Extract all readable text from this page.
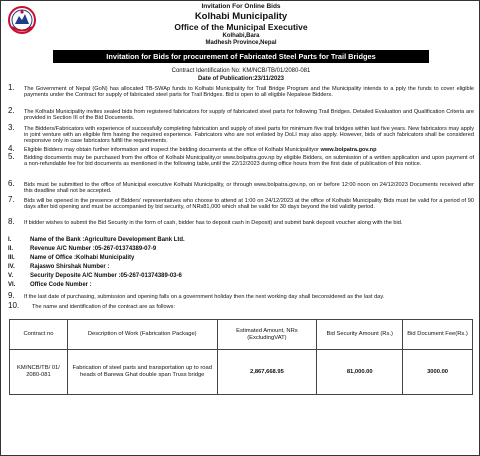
Invitation For Online Bids
Kolhabi Municipality
Office of the Municipal Executive
Kolhabi,Bara
Madhesh Province,Nepal
Invitation for Bids for procurement of Fabricated Steel Parts for Trail Bridges
Contract Identification No: KM/NCB/TB/01/2080-081
Date of Publication:23/11/2023
1. The Government of Nepal (GoN) has allocated TB-SWAp funds to Kolhabi Municipality for Trail Bridge Program and the Municipality intends to a pply the funds to cover eligible payments under the Contract for supply of fabricated steel parts for Trail Bridges. Bid is open to all eligible Nepalese Bidders.
2. The Kolhabi Municipality invites sealed bids from registered fabricators for supply of fabricated steel parts for following Trail Bridges. Detailed Evaluation and Qualification Criteria are provided in Section III of the Bid Documents.
3. The Bidders/Fabricators with experience of successfully completing fabrication and supply of steel parts for minimum five trail bridges within last five years. New fabricators may apply in joint venture with an eligible firm having the required experience. Fabricators who are not enlisted by DoLI may also apply. However, bids of such fabricators shall be considered responsive only in case fabricators fulfill the requirements.
4. Eligible Bidders may obtain further information and inspect the bidding documents at the office of Kolhabi Municipalityor www.bolpatra.gov.np
5. Bidding documents may be purchased from the office of Kolhabi Municipality,or www.bolpatra.gov.np by eligible Bidders, on submission of a written application and upon payment of a non-refundable fee for bid documents as mentioned in the following table,until the 22/12/2023 during office hours from the first date of publication of this notice.
6. Bids must be submitted to the office of Municipal executive Kolhabi Municipality, or through www.bolpatra.gov.np, on or before 12:00 noon on 24/12/2023 Documents received after this deadline shall not be accepted.
7. Bids will be opened in the presence of Bidders' representatives who choose to attend at 1:00 on 24/12/2023 at the office of Kolhabi Municipality Bids must be valid for a period of 90 days after bid opening and must be accompanied by bid security, of NRs81,000 which shall be valid for 30 days beyond the bid validity period.
8. If bidder wishes to submit the Bid Security in the form of cash, bidder has to deposit cash in Deposit) and submit bank deposit voucher along with the bid.
I.	Name of the Bank :Agriculture Development Bank Ltd.
II.	Revenue A/C Number :05-267-01374389-07-9
III.	Name of Office :Kolhabi Municipality
IV.	Rajaswo Shirshak Number :
V.	Security Deposite A/C Number :05-267-01374389-03-6
VI.	Office Code Number :
9. If the last date of purchasing, submission and opening falls on a government holiday then the next working day shall beconsidered as the last day.
10. The name and identification of the contract are as follows:
Contract no	Description of Work (Fabrication Package)	Estimated Amount, NRs (ExcludingVAT)	Bid Security Amount (Rs.)	Bid Document Fee(Rs.)
KM/NCB/TB/ 01/ 2080-081	Fabrication of steel parts and transportation up to road heads of Barewa Ghat double span Truss bridge	2,867,668.95	81,000.00	3000.00
